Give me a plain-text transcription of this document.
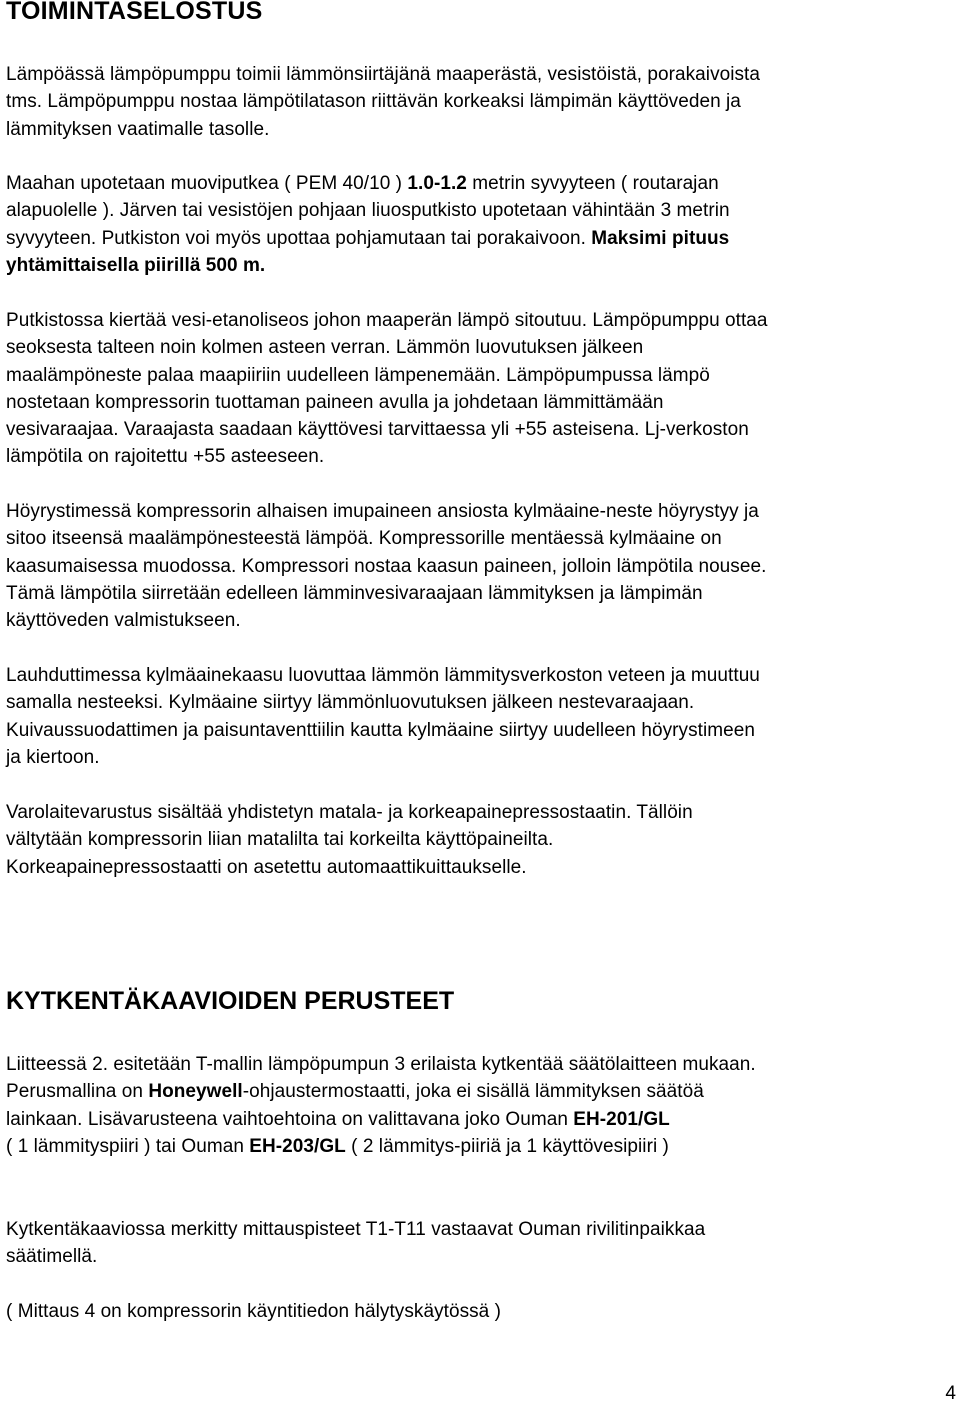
TOIMINTASELOSTUS

Lämpöässä lämpöpumppu toimii lämmönsiirtäjänä maaperästä, vesistöistä, porakaivoista
tms. Lämpöpumppu nostaa lämpötilatason riittävän korkeaksi lämpimän käyttöveden ja
lämmityksen vaatimalle tasolle.

Maahan upotetaan muoviputkea ( PEM 40/10 ) 1.0-1.2 metrin syvyyteen ( routarajan
alapuolelle ). Järven tai vesistöjen pohjaan liuosputkisto upotetaan vähintään 3 metrin
syvyyteen. Putkiston voi myös upottaa pohjamutaan tai porakaivoon. Maksimi pituus
yhtämittaisella piirillä 500 m.

Putkistossa kiertää vesi-etanoliseos johon maaperän lämpö sitoutuu. Lämpöpumppu ottaa
seoksesta talteen noin kolmen asteen verran. Lämmön luovutuksen jälkeen
maalämpöneste palaa maapiiriin uudelleen lämpenemään. Lämpöpumpussa lämpö
nostetaan kompressorin tuottaman paineen avulla ja johdetaan lämmittämään
vesivaraajaa. Varaajasta saadaan käyttövesi tarvittaessa yli +55 asteisena. Lj-verkoston
lämpötila on rajoitettu +55 asteeseen.

Höyrystimessä kompressorin alhaisen imupaineen ansiosta kylmäaine-neste höyrystyy ja
sitoo itseensä maalämpönesteestä lämpöä. Kompressorille mentäessä kylmäaine on
kaasumaisessa muodossa. Kompressori nostaa kaasun paineen, jolloin lämpötila nousee.
Tämä lämpötila siirretään edelleen lämminvesivaraajaan lämmityksen ja lämpimän
käyttöveden valmistukseen.

Lauhduttimessa kylmäainekaasu luovuttaa lämmön lämmitysverkoston veteen ja muuttuu
samalla nesteeksi. Kylmäaine siirtyy lämmönluovutuksen jälkeen nestevaraajaan.
Kuivaussuodattimen ja paisuntaventtiilin kautta kylmäaine siirtyy uudelleen höyrystimeen
ja kiertoon.

Varolaitevarustus sisältää yhdistetyn matala- ja korkeapainepressostaatin. Tällöin
vältytään kompressorin liian matalilta tai korkeilta käyttöpaineilta.
Korkeapainepressostaatti on asetettu automaattikuittaukselle.

KYTKENTÄKAAVIOIDEN PERUSTEET

Liitteessä 2. esitetään T-mallin lämpöpumpun 3 erilaista kytkentää säätölaitteen mukaan.
Perusmallina on Honeywell-ohjaustermostaatti, joka ei sisällä lämmityksen säätöä
lainkaan. Lisävarusteena vaihtoehtoina on valittavana joko Ouman EH-201/GL
( 1 lämmityspiiri ) tai Ouman EH-203/GL ( 2 lämmitys-piiriä ja 1 käyttövesipiiri )

Kytkentäkaaviossa merkitty mittauspisteet T1-T11 vastaavat Ouman rivilitinpaikkaa
säätimellä.

( Mittaus 4 on kompressorin käyntitiedon hälytyskäytössä )

4
